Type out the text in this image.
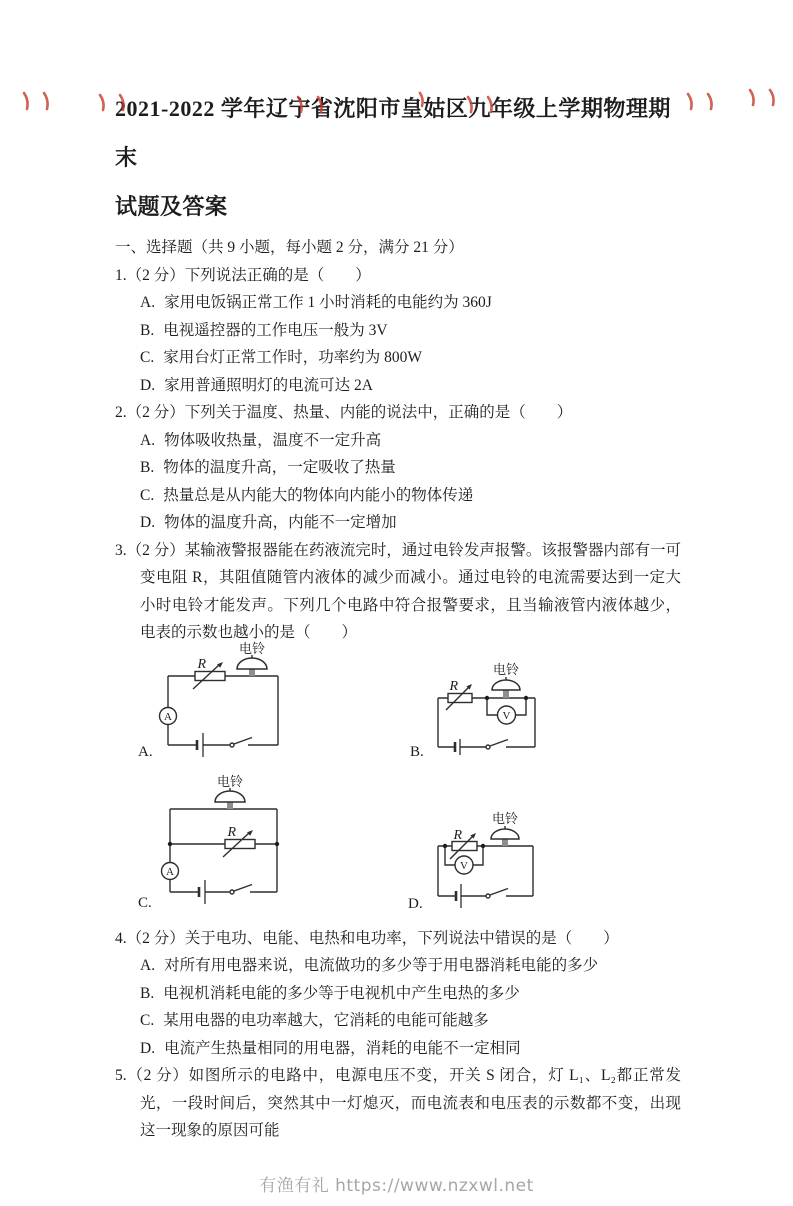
2021-2022 学年辽宁省沈阳市皇姑区九年级上学期物理期末
试题及答案
一、选择题（共 9 小题，每小题 2 分，满分 21 分）
1.（2 分）下列说法正确的是（　　）
A. 家用电饭锅正常工作 1 小时消耗的电能约为 360J
B. 电视遥控器的工作电压一般为 3V
C. 家用台灯正常工作时，功率约为 800W
D. 家用普通照明灯的电流可达 2A
2.（2 分）下列关于温度、热量、内能的说法中，正确的是（　　）
A. 物体吸收热量，温度不一定升高
B. 物体的温度升高，一定吸收了热量
C. 热量总是从内能大的物体向内能小的物体传递
D. 物体的温度升高，内能不一定增加
3.（2 分）某输液警报器能在药液流完时，通过电铃发声报警。该报警器内部有一可变电阻 R，其阻值随管内液体的减少而减小。通过电铃的电流需要达到一定大小时电铃才能发声。下列几个电路中符合报警要求，且当输液管内液体越少，电表的示数也越小的是（　　）
R
电铃
A
A.
R
电铃
V
B.
R
电铃
A
C.
R
V
电铃
D.
4.（2 分）关于电功、电能、电热和电功率，下列说法中错误的是（　　）
A. 对所有用电器来说，电流做功的多少等于用电器消耗电能的多少
B. 电视机消耗电能的多少等于电视机中产生电热的多少
C. 某用电器的电功率越大，它消耗的电能可能越多
D. 电流产生热量相同的用电器，消耗的电能不一定相同
5.（2 分）如图所示的电路中，电源电压不变，开关 S 闭合，灯 L₁、L₂都正常发光，一段时间后，突然其中一灯熄灭，而电流表和电压表的示数都不变，出现这一现象的原因可能
有渔有礼 https://www.nzxwl.net
